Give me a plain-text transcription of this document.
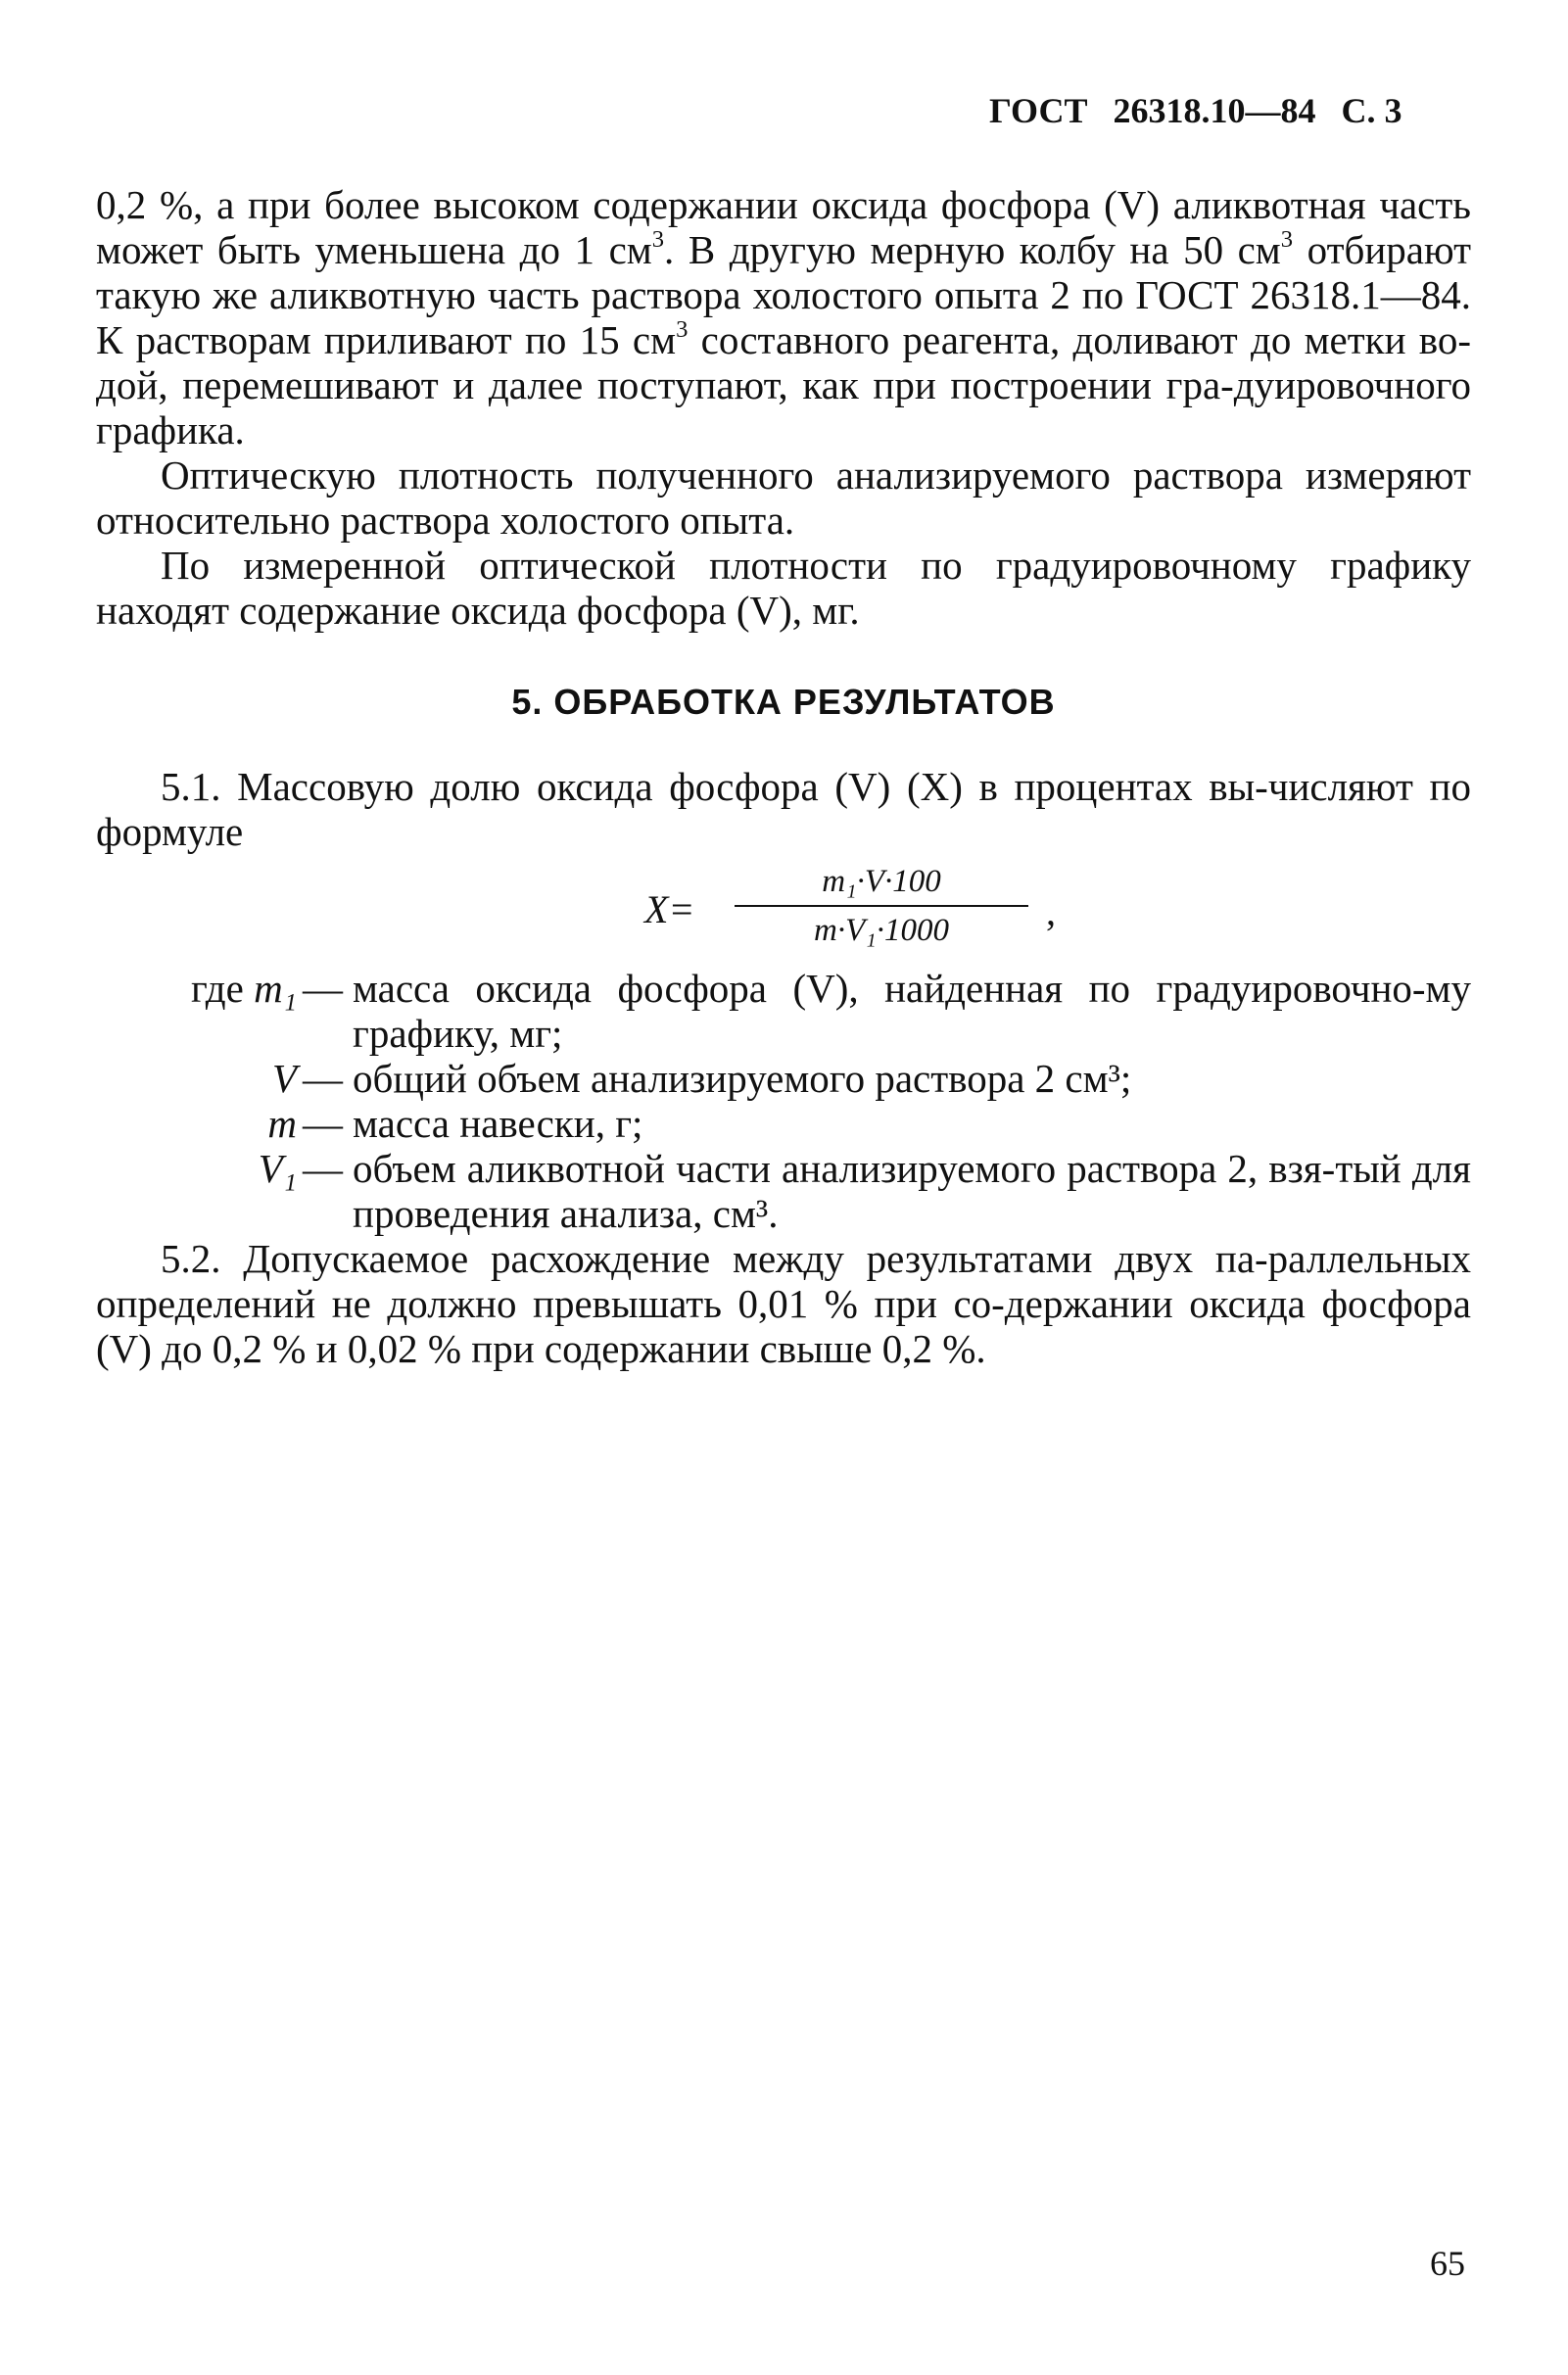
ГОСТ 26318.10—84 С. 3

0,2 %, а при более высоком содержании оксида фосфора (V) аликвотная часть может быть уменьшена до 1 $см^3$. В другую мерную колбу на 50 $см^3$ отбирают такую же аликвотную часть раствора холостого опыта 2 по ГОСТ 26318.1—84. К растворам приливают по 15 $см^3$ составного реагента, доливают до метки во-дой, перемешивают и далее поступают, как при построении гра-дуировочного графика.

Оптическую плотность полученного анализируемого раствора измеряют относительно раствора холостого опыта.

По измеренной оптической плотности по градуировочному графику находят содержание оксида фосфора (V), мг.

5. ОБРАБОТКА РЕЗУЛЬТАТОВ

5.1. Массовую долю оксида фосфора (V) (X) в процентах вы-числяют по формуле

X=
m₁·V·100
m·V₁·1000	,
где m₁ — масса оксида фосфора (V), найденная по градуировочно-му графику, мг;
V — общий объем анализируемого раствора 2 см³;
m — масса навески, г;
V₁ — объем аликвотной части анализируемого раствора 2, взя-тый для проведения анализа, см³.

5.2. Допускаемое расхождение между результатами двух па-раллельных определений не должно превышать 0,01 % при со-держании оксида фосфора (V) до 0,2 % и 0,02 % при содержании свыше 0,2 %.

65
